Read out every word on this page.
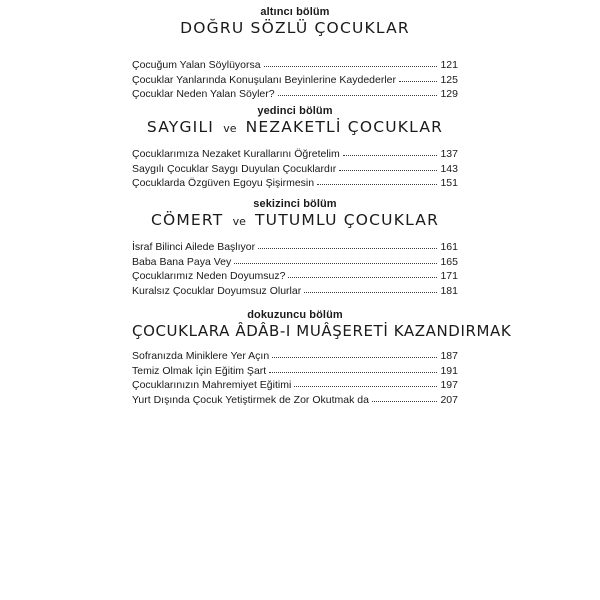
altıncı bölüm
DOĞRU SÖZLÜ ÇOCUKLAR
Çocuğum Yalan Söylüyorsa	121
Çocuklar Yanlarında Konuşulanı Beyinlerine Kaydederler	125
Çocuklar Neden Yalan Söyler?	129
yedinci bölüm
SAYGILI ve NEZAKETLİ ÇOCUKLAR
Çocuklarımıza Nezaket Kurallarını Öğretelim	137
Saygılı Çocuklar Saygı Duyulan Çocuklardır	143
Çocuklarda Özgüven Egoyu Şişirmesin	151
sekizinci bölüm
CÖMERT ve TUTUMLU ÇOCUKLAR
İsraf Bilinci Ailede Başlıyor	161
Baba Bana Paya Vey	165
Çocuklarımız Neden Doyumsuz?	171
Kuralsız Çocuklar Doyumsuz Olurlar	181
dokuzuncu bölüm
ÇOCUKLARA ÂDÂB-I MUÂŞERETİ KAZANDIRMAK
Sofranızda Miniklere Yer Açın	187
Temiz Olmak İçin Eğitim Şart	191
Çocuklarınızın Mahremiyet Eğitimi	197
Yurt Dışında Çocuk Yetiştirmek de Zor Okutmak da	207
